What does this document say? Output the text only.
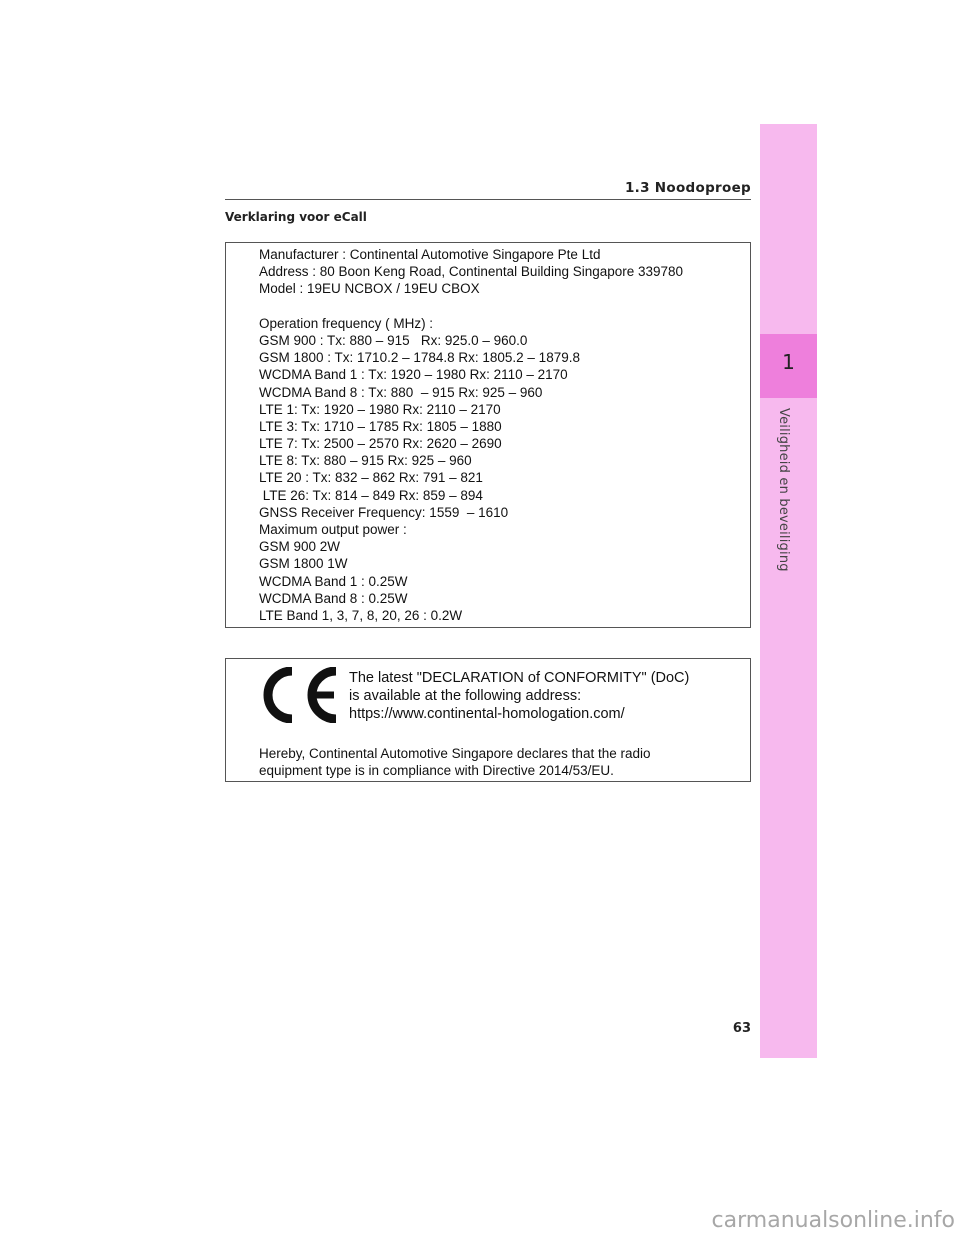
1
Veiligheid en beveiliging
1.3 Noodoproep
Verklaring voor eCall
Manufacturer : Continental Automotive Singapore Pte Ltd
Address : 80 Boon Keng Road, Continental Building Singapore 339780
Model : 19EU NCBOX / 19EU CBOX
Operation frequency ( MHz) :
GSM 900 : Tx: 880 – 915   Rx: 925.0 – 960.0
GSM 1800 : Tx: 1710.2 – 1784.8 Rx: 1805.2 – 1879.8
WCDMA Band 1 : Tx: 1920 – 1980 Rx: 2110 – 2170
WCDMA Band 8 : Tx: 880  – 915 Rx: 925 – 960
LTE 1: Tx: 1920 – 1980 Rx: 2110 – 2170
LTE 3: Tx: 1710 – 1785 Rx: 1805 – 1880
LTE 7: Tx: 2500 – 2570 Rx: 2620 – 2690
LTE 8: Tx: 880 – 915 Rx: 925 – 960
LTE 20 : Tx: 832 – 862 Rx: 791 – 821
LTE 26: Tx: 814 – 849 Rx: 859 – 894
GNSS Receiver Frequency: 1559  – 1610
Maximum output power :
GSM 900 2W
GSM 1800 1W
WCDMA Band 1 : 0.25W
WCDMA Band 8 : 0.25W
LTE Band 1, 3, 7, 8, 20, 26 : 0.2W
The latest "DECLARATION of CONFORMITY" (DoC)
is available at the following address:
https://www.continental-homologation.com/
Hereby, Continental Automotive Singapore declares that the radio
equipment type is in compliance with Directive 2014/53/EU.
63
carmanualsonline.info
